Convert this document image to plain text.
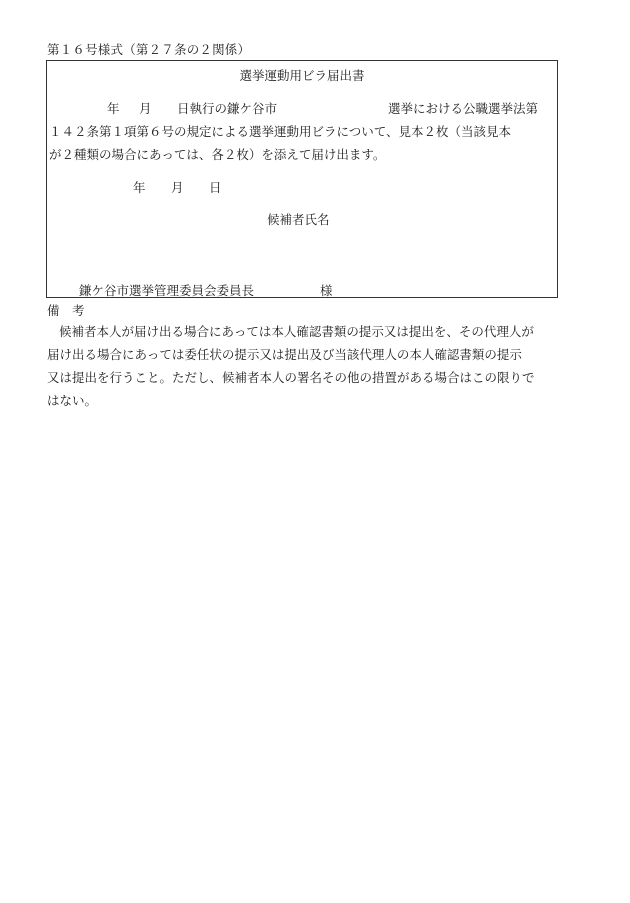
第１６号様式（第２７条の２関係）
選挙運動用ビラ届出書
年 月 日執行の鎌ケ谷市	選挙における公職選挙法第
１４２条第１項第６号の規定による選挙運動用ビラについて、見本２枚（当該見本
が２種類の場合にあっては、各２枚）を添えて届け出ます。
年 月 日
候補者氏名
鎌ケ谷市選挙管理委員会委員長	様
備　考
候補者本人が届け出る場合にあっては本人確認書類の提示又は提出を、その代理人が
届け出る場合にあっては委任状の提示又は提出及び当該代理人の本人確認書類の提示
又は提出を行うこと。ただし、候補者本人の署名その他の措置がある場合はこの限りで
はない。
